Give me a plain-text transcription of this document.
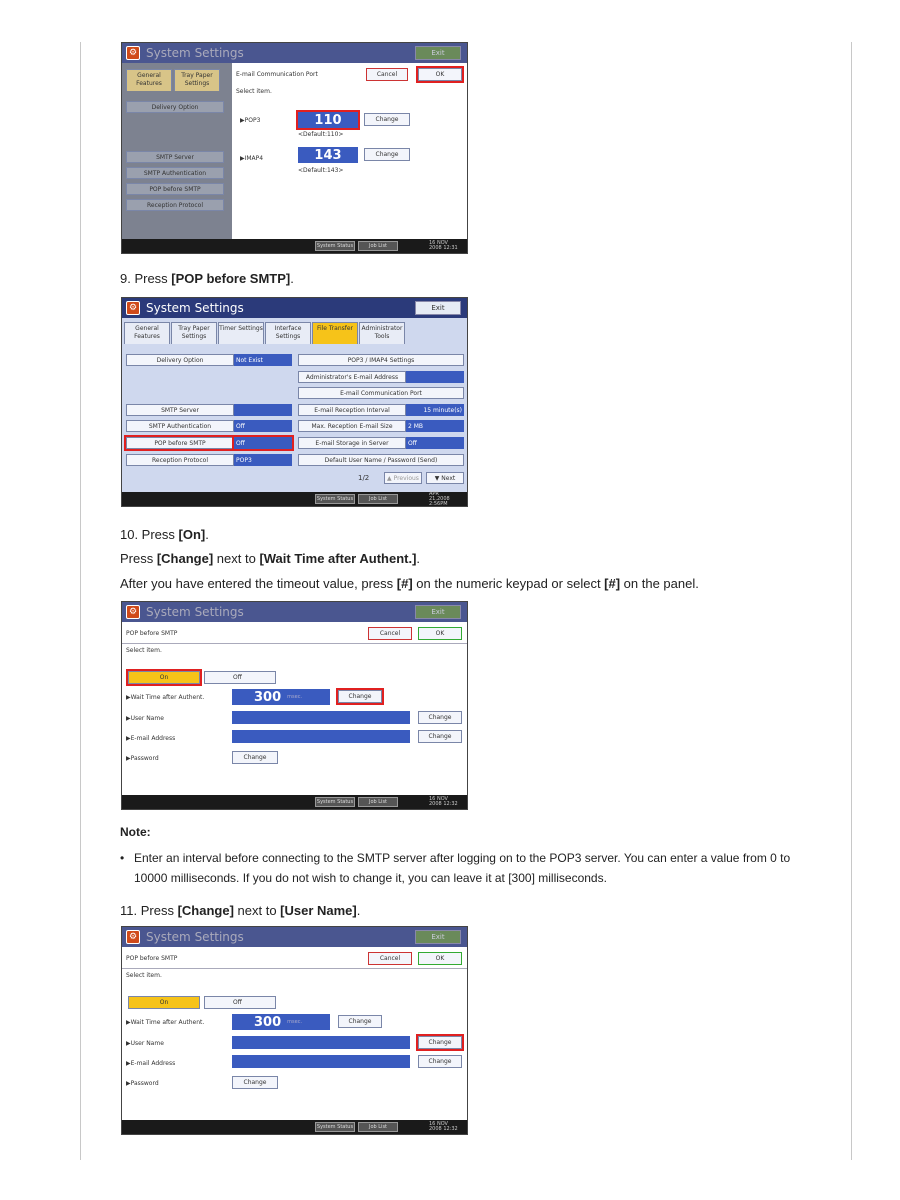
⚙ System Settings	Exit
General Features
Tray Paper Settings
Delivery Option
SMTP Server
SMTP Authentication
POP before SMTP
Reception Protocol
E-mail Communication Port	Cancel	OK
Select item.
▶POP3	110	Change
<Default:110>
▶IMAP4	143	Change
<Default:143>
System Status	Job List	16 NOV 2008 12:31
9. Press [POP before SMTP].
⚙ System Settings	Exit
General Features
Tray Paper Settings
Timer Settings	Interface Settings
File Transfer	Administrator Tools
Delivery Option	Not Exist
SMTP Server
SMTP Authentication	Off
POP before SMTP	Off
Reception Protocol	POP3
POP3 / IMAP4 Settings
Administrator's E-mail Address
E-mail Communication Port
E-mail Reception Interval	15 minute(s)
Max. Reception E-mail Size	2 MB
E-mail Storage in Server	Off
Default User Name / Password (Send)
1/2	▲ Previous	▼ Next
System Status	Job List
APR 21,2008 2:56PM
10. Press [On].
Press [Change] next to [Wait Time after Authent.].
After you have entered the timeout value, press [#] on the numeric keypad or select [#] on the panel.
⚙ System Settings	Exit
POP before SMTP	Cancel	OK
Select item.
On	Off
▶Wait Time after Authent.	300 msec.	Change
▶User Name	Change
▶E-mail Address	Change
▶Password	Change
System Status	Job List	16 NOV 2008 12:32
Note:
• Enter an interval before connecting to the SMTP server after logging on to the POP3 server. You can enter a value from 0 to 10000 milliseconds. If you do not wish to change it, you can leave it at [300] milliseconds.
11. Press [Change] next to [User Name].
⚙ System Settings	Exit
POP before SMTP	Cancel	OK
Select item.
On	Off
▶Wait Time after Authent.	300 msec.	Change
▶User Name	Change
▶E-mail Address	Change
▶Password	Change
System Status	Job List	16 NOV 2008 12:32
